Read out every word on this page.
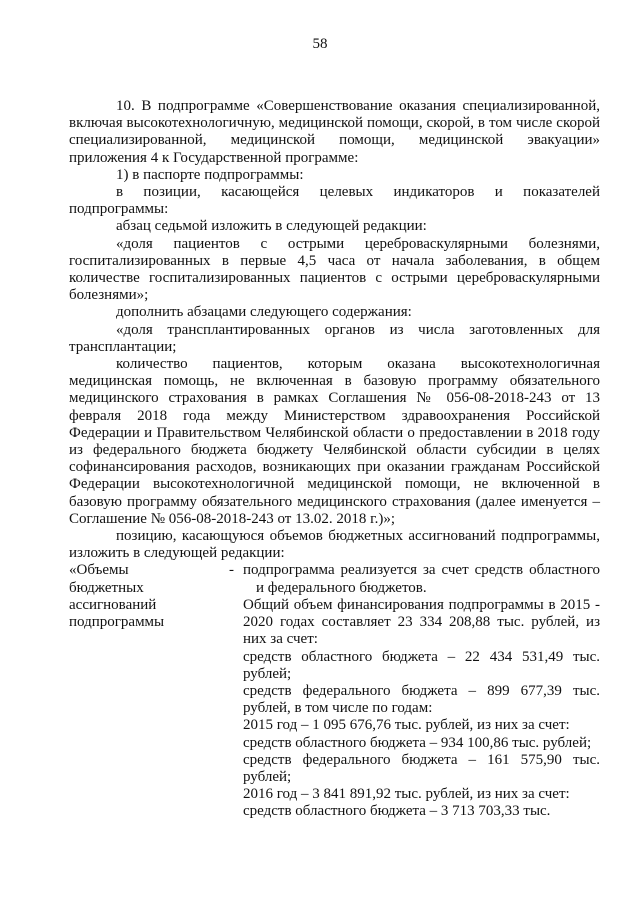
58

10. В подпрограмме «Совершенствование оказания специализированной, включая высокотехнологичную, медицинской помощи, скорой, в том числе скорой специализированной, медицинской помощи, медицинской эвакуации» приложения 4 к Государственной программе:

1) в паспорте подпрограммы:

в позиции, касающейся целевых индикаторов и показателей подпрограммы:

абзац седьмой изложить в следующей редакции:

«доля пациентов с острыми цереброваскулярными болезнями, госпитализированных в первые 4,5 часа от начала заболевания, в общем количестве госпитализированных пациентов с острыми цереброваскулярными болезнями»;

дополнить абзацами следующего содержания:

«доля трансплантированных органов из числа заготовленных для трансплантации;

количество пациентов, которым оказана высокотехнологичная медицинская помощь, не включенная в базовую программу обязательного медицинского страхования в рамках Соглашения № 056-08-2018-243 от 13 февраля 2018 года между Министерством здравоохранения Российской Федерации и Правительством Челябинской области о предоставлении в 2018 году из федерального бюджета бюджету Челябинской области субсидии в целях софинансирования расходов, возникающих при оказании гражданам Российской Федерации высокотехнологичной медицинской помощи, не включенной в базовую программу обязательного медицинского страхования (далее именуется – Соглашение № 056-08-2018-243 от 13.02. 2018 г.)»;

позицию, касающуюся объемов бюджетных ассигнований подпрограммы, изложить в следующей редакции:

«Объемы
бюджетных
ассигнований
подпрограммы
- подпрограмма реализуется за счет средств областного и федерального бюджетов.

Общий объем финансирования подпрограммы в 2015 - 2020 годах составляет 23 334 208,88 тыс. рублей, из них за счет:

средств областного бюджета – 22 434 531,49 тыс. рублей;

средств федерального бюджета – 899 677,39 тыс. рублей, в том числе по годам:

2015 год – 1 095 676,76 тыс. рублей, из них за счет:

средств областного бюджета – 934 100,86 тыс. рублей;

средств федерального бюджета – 161 575,90 тыс. рублей;

2016 год – 3 841 891,92 тыс. рублей, из них за счет:

средств областного бюджета – 3 713 703,33 тыс.
